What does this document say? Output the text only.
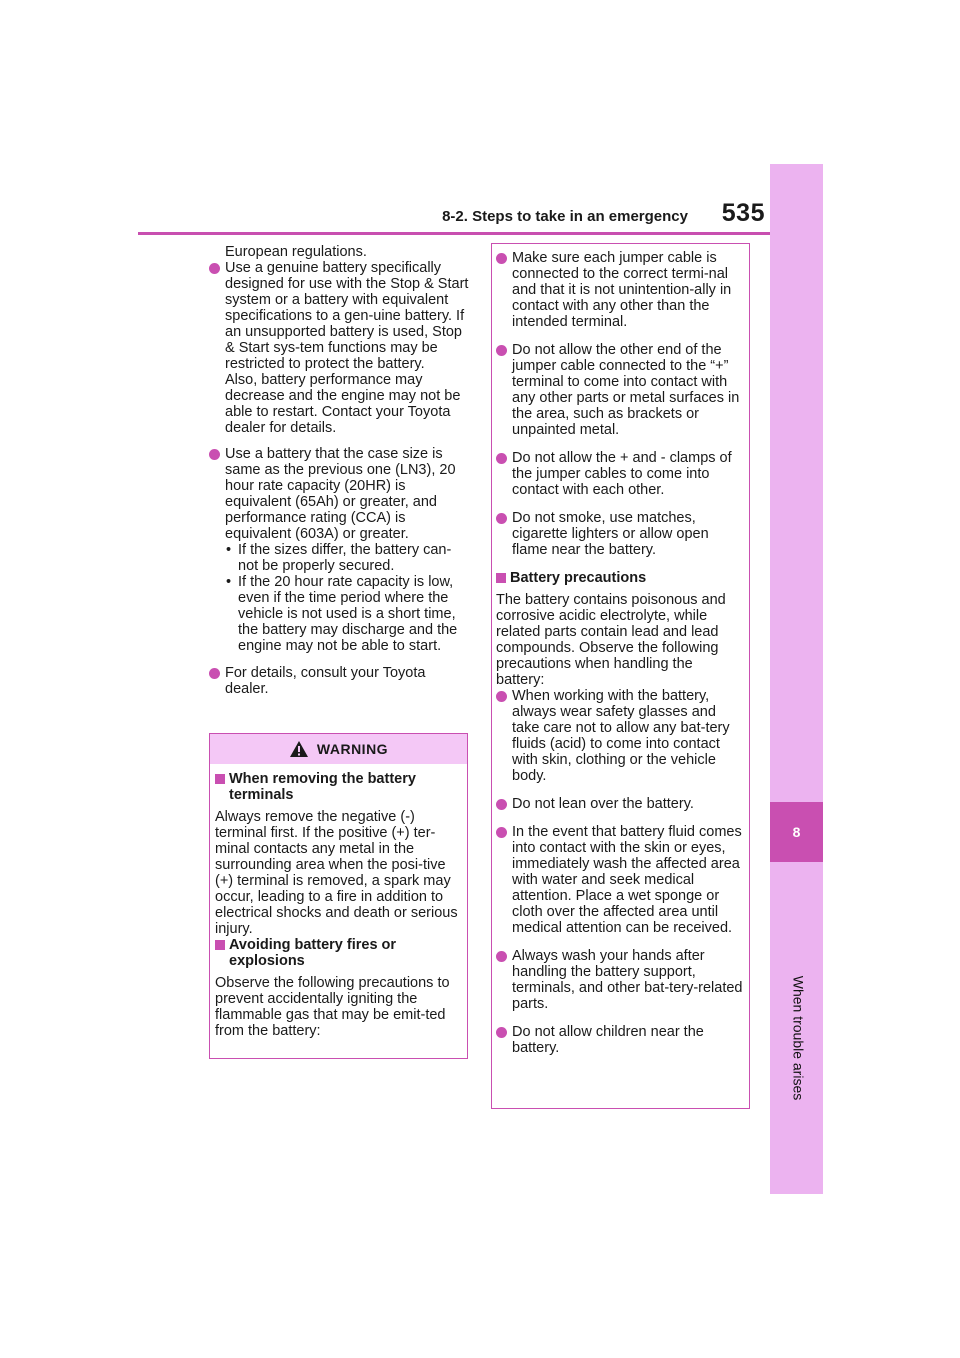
8-2. Steps to take in an emergency	535
8
When trouble arises

European regulations.

Use a genuine battery specifically designed for use with the Stop & Start system or a battery with equivalent specifications to a gen-uine battery. If an unsupported battery is used, Stop & Start sys-tem functions may be restricted to protect the battery.

Also, battery performance may decrease and the engine may not be able to restart. Contact your Toyota dealer for details.

Use a battery that the case size is same as the previous one (LN3), 20 hour rate capacity (20HR) is equivalent (65Ah) or greater, and performance rating (CCA) is equivalent (603A) or greater.

• If the sizes differ, the battery can-not be properly secured.

• If the 20 hour rate capacity is low, even if the time period where the vehicle is not used is a short time, the battery may discharge and the engine may not be able to start.

For details, consult your Toyota dealer.

WARNING

When removing the battery terminals

Always remove the negative (-) terminal first. If the positive (+) ter-minal contacts any metal in the surrounding area when the posi-tive (+) terminal is removed, a spark may occur, leading to a fire in addition to electrical shocks and death or serious injury.

Avoiding battery fires or explosions

Observe the following precautions to prevent accidentally igniting the flammable gas that may be emit-ted from the battery:

Make sure each jumper cable is connected to the correct termi-nal and that it is not unintention-ally in contact with any other than the intended terminal.

Do not allow the other end of the jumper cable connected to the “+” terminal to come into contact with any other parts or metal surfaces in the area, such as brackets or unpainted metal.

Do not allow the + and - clamps of the jumper cables to come into contact with each other.

Do not smoke, use matches, cigarette lighters or allow open flame near the battery.

Battery precautions

The battery contains poisonous and corrosive acidic electrolyte, while related parts contain lead and lead compounds. Observe the following precautions when handling the battery:

When working with the battery, always wear safety glasses and take care not to allow any bat-tery fluids (acid) to come into contact with skin, clothing or the vehicle body.

Do not lean over the battery.

In the event that battery fluid comes into contact with the skin or eyes, immediately wash the affected area with water and seek medical attention. Place a wet sponge or cloth over the affected area until medical attention can be received.

Always wash your hands after handling the battery support, terminals, and other bat-tery-related parts.

Do not allow children near the battery.
